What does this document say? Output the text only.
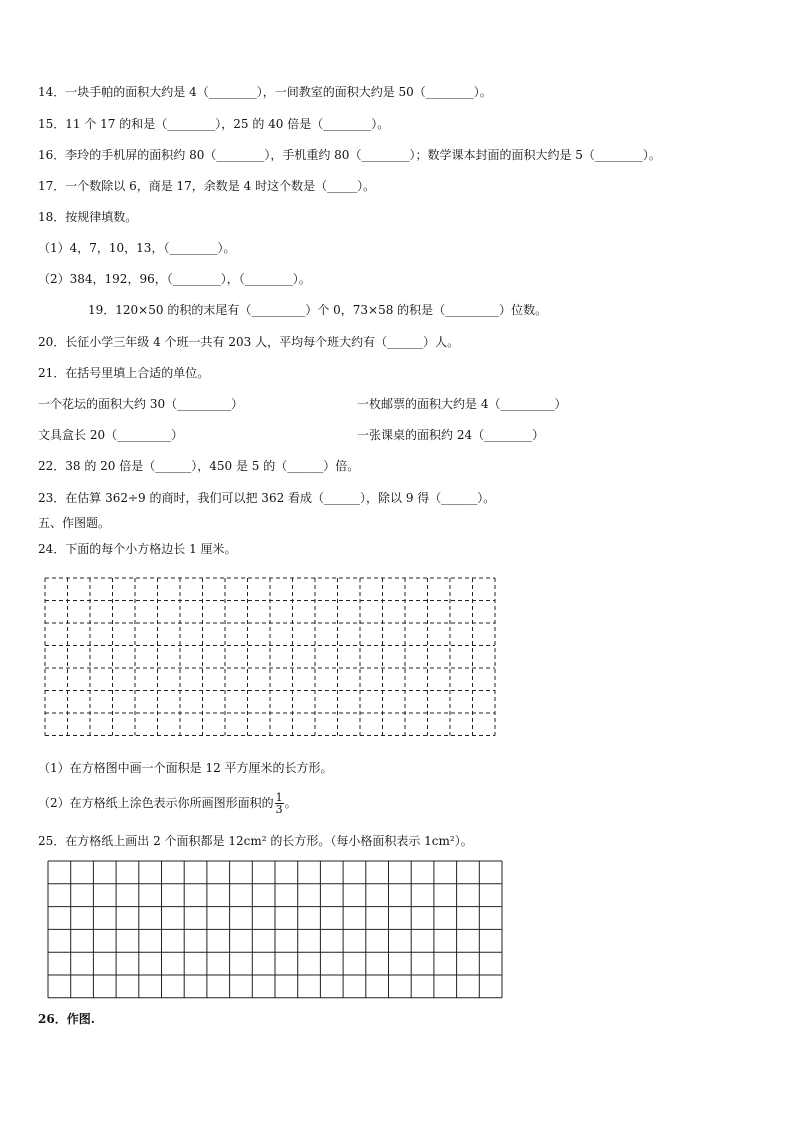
14．一块手帕的面积大约是 4（________），一间教室的面积大约是 50（________）。
15．11 个 17 的和是（________），25 的 40 倍是（________）。
16．李玲的手机屏的面积约 80（________），手机重约 80（________）；数学课本封面的面积大约是 5（________）。
17．一个数除以 6，商是 17，余数是 4 时这个数是（_____）。
18．按规律填数。
（1）4，7，10，13，（________）。
（2）384，192，96，（________），（________）。
19．120×50 的积的末尾有（_________）个 0，73×58 的积是（_________）位数。
20．长征小学三年级 4 个班一共有 203 人，平均每个班大约有（______）人。
21．在括号里填上合适的单位。
一个花坛的面积大约 30（_________）	一枚邮票的面积大约是 4（_________）
文具盒长 20（_________）	一张课桌的面积约 24（________）
22．38 的 20 倍是（______），450 是 5 的（______）倍。
23．在估算 362÷9 的商时，我们可以把 362 看成（______），除以 9 得（______）。
五、作图题。
24．下面的每个小方格边长 1 厘米。
（1）在方格图中画一个面积是 12 平方厘米的长方形。
（2）在方格纸上涂色表示你所画图形面积的 $\frac{1}{3}$ 。
25．在方格纸上画出 2 个面积都是 12cm² 的长方形。（每小格面积表示 1cm²）。
26．作图.
